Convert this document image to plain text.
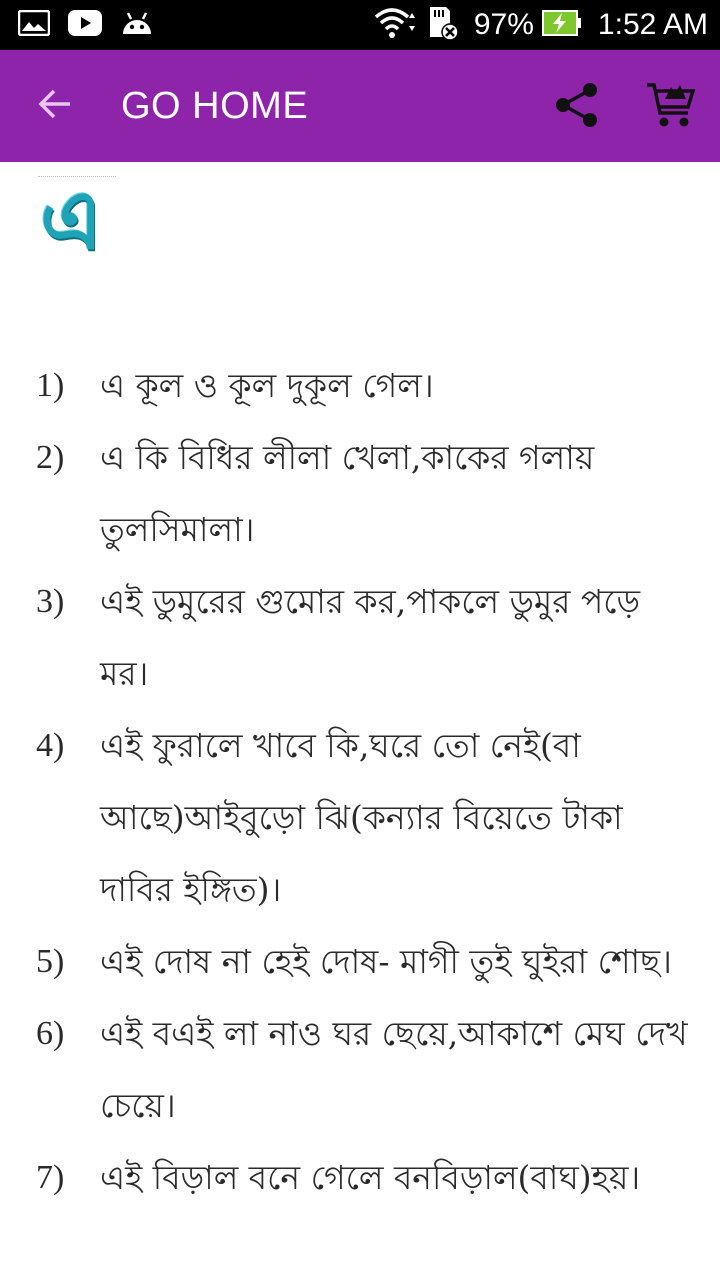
97% 1:52 AM
GO HOME
এ
1) এ কূল ও কূল দুকূল গেল।
2) এ কি বিধির লীলা খেলা,কাকের গলায় তুলসিমালা।
3) এই ডুমুরের গুমোর কর,পাকলে ডুমুর পড়ে মর।
4) এই ফুরালে খাবে কি,ঘরে তো নেই(বা আছে)আইবুড়ো ঝি(কন্যার বিয়েতে টাকা দাবির ইঙ্গিত)।
5) এই দোষ না হেই দোষ- মাগী তুই ঘুইরা শোছ।
6) এই বএই লা নাও ঘর ছেয়ে,আকাশে মেঘ দেখ চেয়ে।
7) এই বিড়াল বনে গেলে বনবিড়াল(বাঘ)হয়।
